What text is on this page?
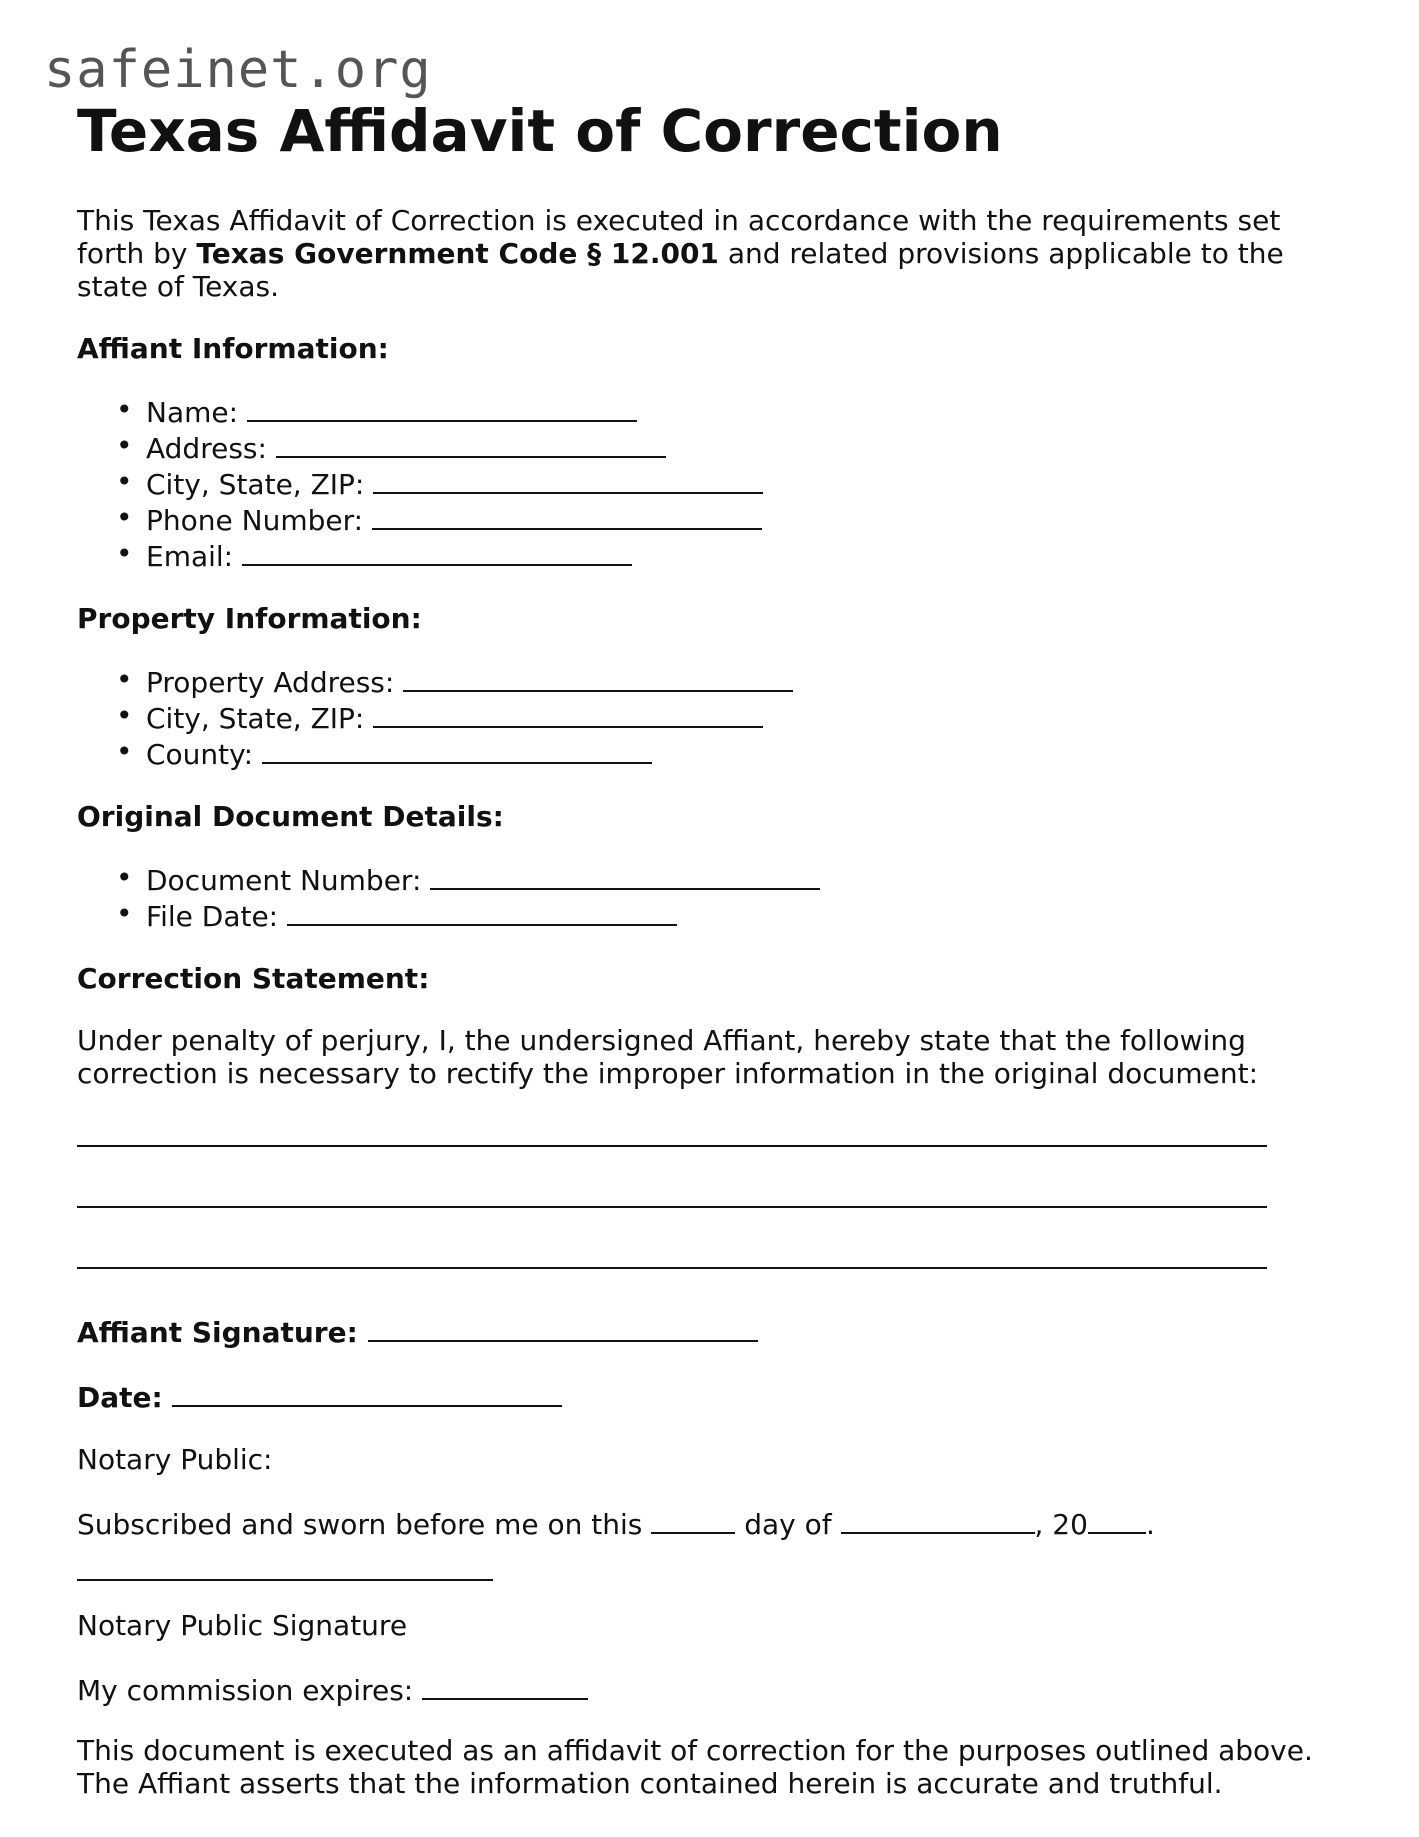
safeinet.org
Texas Affidavit of Correction

This Texas Affidavit of Correction is executed in accordance with the requirements set forth by Texas Government Code § 12.001 and related provisions applicable to the state of Texas.

Affiant Information:
• Name:
• Address:
• City, State, ZIP:
• Phone Number:
• Email:
Property Information:
• Property Address:
• City, State, ZIP:
• County:
Original Document Details:
• Document Number:
• File Date:
Correction Statement:

Under penalty of perjury, I, the undersigned Affiant, hereby state that the following correction is necessary to rectify the improper information in the original document:

Affiant Signature:

Date:

Notary Public:

Subscribed and sworn before me on this	day of	, 20 .

Notary Public Signature

My commission expires:

This document is executed as an affidavit of correction for the purposes outlined above. The Affiant asserts that the information contained herein is accurate and truthful.
